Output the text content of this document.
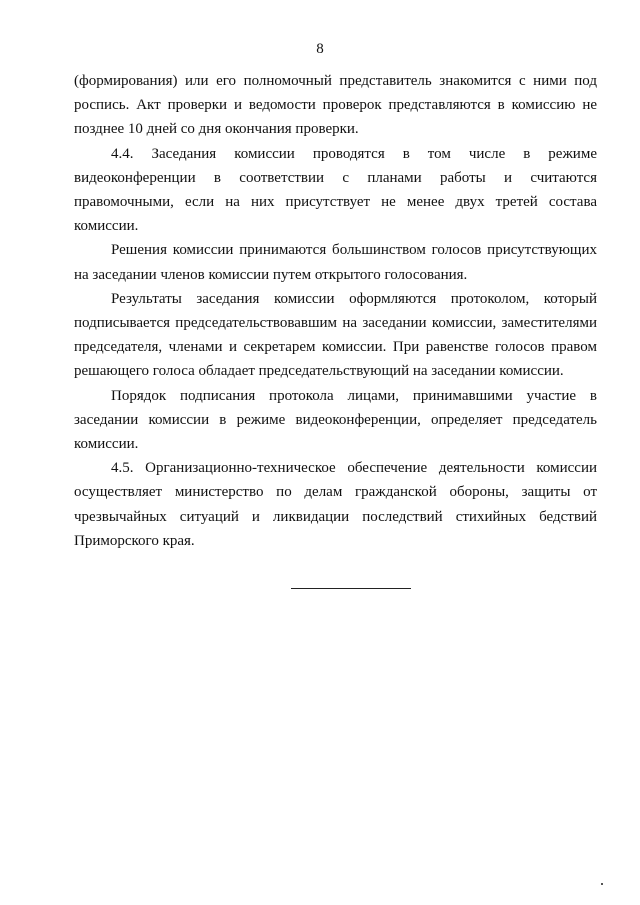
8

(формирования) или его полномочный представитель знакомится с ними под роспись. Акт проверки и ведомости проверок представляются в комиссию не позднее 10 дней со дня окончания проверки.

4.4. Заседания комиссии проводятся в том числе в режиме видеоконференции в соответствии с планами работы и считаются правомочными, если на них присутствует не менее двух третей состава комиссии.

Решения комиссии принимаются большинством голосов присутствующих на заседании членов комиссии путем открытого голосования.

Результаты заседания комиссии оформляются протоколом, который подписывается председательствовавшим на заседании комиссии, заместителями председателя, членами и секретарем комиссии. При равенстве голосов правом решающего голоса обладает председательствующий на заседании комиссии.

Порядок подписания протокола лицами, принимавшими участие в заседании комиссии в режиме видеоконференции, определяет председатель комиссии.

4.5. Организационно-техническое обеспечение деятельности комиссии осуществляет министерство по делам гражданской обороны, защиты от чрезвычайных ситуаций и ликвидации последствий стихийных бедствий Приморского края.
